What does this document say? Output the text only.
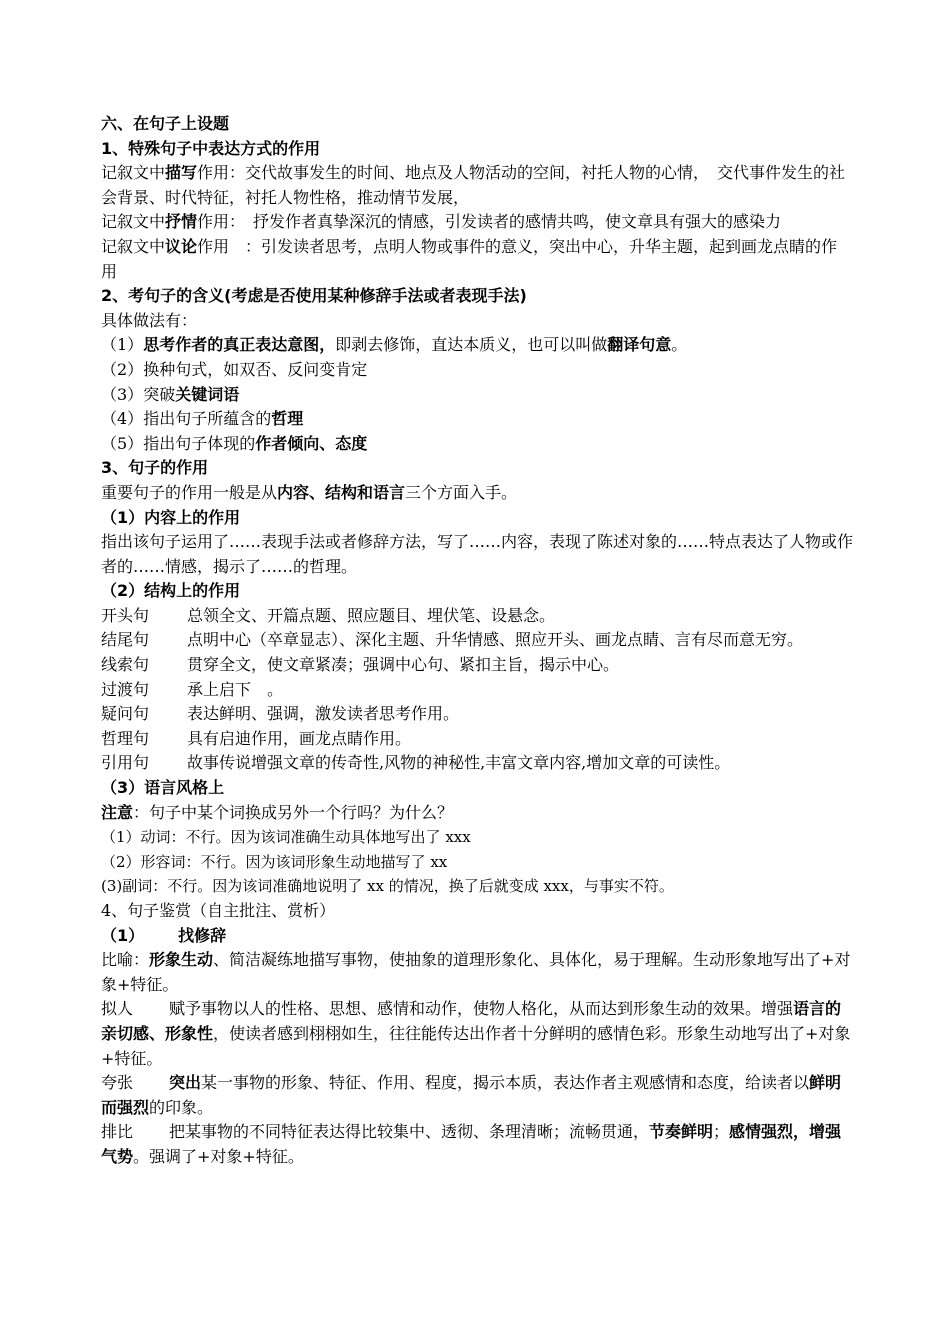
六、在句子上设题

1、特殊句子中表达方式的作用

记叙文中描写作用：交代故事发生的时间、地点及人物活动的空间，衬托人物的心情，　交代事件发生的社会背景、时代特征，衬托人物性格，推动情节发展，

记叙文中抒情作用：　抒发作者真挚深沉的情感，引发读者的感情共鸣，使文章具有强大的感染力

记叙文中议论作用　：引发读者思考，点明人物或事件的意义，突出中心，升华主题，起到画龙点睛的作用

2、考句子的含义(考虑是否使用某种修辞手法或者表现手法)

具体做法有：

（1）思考作者的真正表达意图，即剥去修饰，直达本质义，也可以叫做翻译句意。

（2）换种句式，如双否、反问变肯定

（3）突破关键词语

（4）指出句子所蕴含的哲理

（5）指出句子体现的作者倾向、态度

3、句子的作用

重要句子的作用一般是从内容、结构和语言三个方面入手。

（1）内容上的作用

指出该句子运用了……表现手法或者修辞方法，写了……内容，表现了陈述对象的……特点表达了人物或作者的……情感，揭示了……的哲理。

（2）结构上的作用

开头句 总领全文、开篇点题、照应题目、埋伏笔、设悬念。

结尾句 点明中心（卒章显志）、深化主题、升华情感、照应开头、画龙点睛、言有尽而意无穷。

线索句 贯穿全文，使文章紧凑；强调中心句、紧扣主旨，揭示中心。

过渡句 承上启下　。

疑问句 表达鲜明、强调，激发读者思考作用。

哲理句 具有启迪作用，画龙点睛作用。

引用句 故事传说增强文章的传奇性,风物的神秘性,丰富文章内容,增加文章的可读性。

（3）语言风格上

注意：句子中某个词换成另外一个行吗？为什么？

（1）动词：不行。因为该词准确生动具体地写出了 xxx

（2）形容词：不行。因为该词形象生动地描写了 xx

(3)副词：不行。因为该词准确地说明了 xx 的情况，换了后就变成 xxx，与事实不符。

4、句子鉴赏（自主批注、赏析）

（1） 找修辞

比喻：形象生动、简洁凝练地描写事物，使抽象的道理形象化、具体化，易于理解。生动形象地写出了+对象+特征。

拟人 赋予事物以人的性格、思想、感情和动作，使物人格化，从而达到形象生动的效果。增强语言的亲切感、形象性，使读者感到栩栩如生，往往能传达出作者十分鲜明的感情色彩。形象生动地写出了+对象+特征。

夸张 突出某一事物的形象、特征、作用、程度，揭示本质，表达作者主观感情和态度，给读者以鲜明而强烈的印象。

排比 把某事物的不同特征表达得比较集中、透彻、条理清晰；流畅贯通，节奏鲜明；感情强烈，增强气势。强调了+对象+特征。
